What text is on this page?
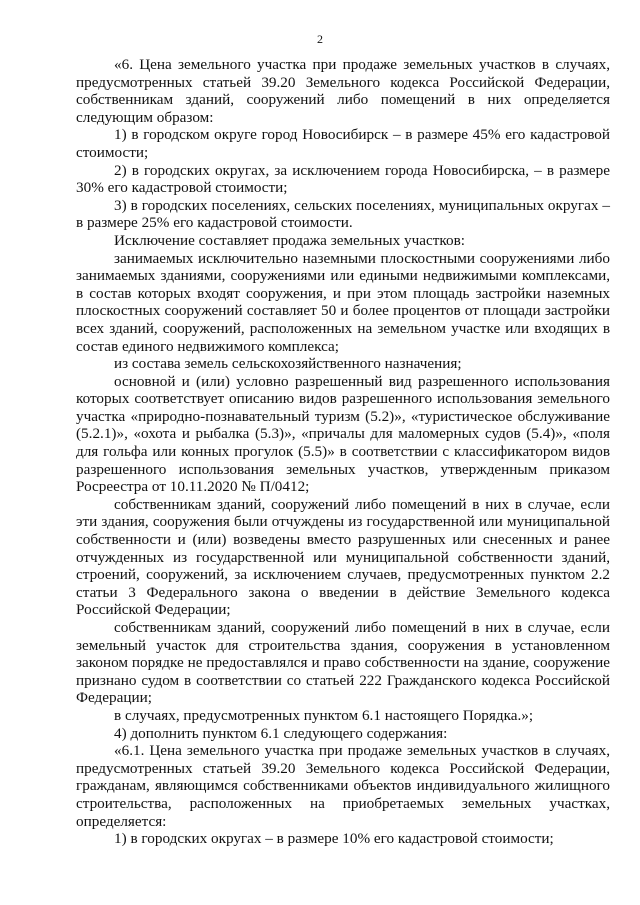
2

«6. Цена земельного участка при продаже земельных участков в случаях, предусмотренных статьей 39.20 Земельного кодекса Российской Федерации, собственникам зданий, сооружений либо помещений в них определяется следующим образом:

1) в городском округе город Новосибирск – в размере 45% его кадастровой стоимости;

2) в городских округах, за исключением города Новосибирска, – в размере 30% его кадастровой стоимости;

3) в городских поселениях, сельских поселениях, муниципальных округах – в размере 25% его кадастровой стоимости.

Исключение составляет продажа земельных участков:

занимаемых исключительно наземными плоскостными сооружениями либо занимаемых зданиями, сооружениями или едиными недвижимыми комплексами, в состав которых входят сооружения, и при этом площадь застройки наземных плоскостных сооружений составляет 50 и более процентов от площади застройки всех зданий, сооружений, расположенных на земельном участке или входящих в состав единого недвижимого комплекса;

из состава земель сельскохозяйственного назначения;

основной и (или) условно разрешенный вид разрешенного использования которых соответствует описанию видов разрешенного использования земельного участка «природно-познавательный туризм (5.2)», «туристическое обслуживание (5.2.1)», «охота и рыбалка (5.3)», «причалы для маломерных судов (5.4)», «поля для гольфа или конных прогулок (5.5)» в соответствии с классификатором видов разрешенного использования земельных участков, утвержденным приказом Росреестра от 10.11.2020 № П/0412;

собственникам зданий, сооружений либо помещений в них в случае, если эти здания, сооружения были отчуждены из государственной или муниципальной собственности и (или) возведены вместо разрушенных или снесенных и ранее отчужденных из государственной или муниципальной собственности зданий, строений, сооружений, за исключением случаев, предусмотренных пунктом 2.2 статьи 3 Федерального закона о введении в действие Земельного кодекса Российской Федерации;

собственникам зданий, сооружений либо помещений в них в случае, если земельный участок для строительства здания, сооружения в установленном законом порядке не предоставлялся и право собственности на здание, сооружение признано судом в соответствии со статьей 222 Гражданского кодекса Российской Федерации;

в случаях, предусмотренных пунктом 6.1 настоящего Порядка.»;

4) дополнить пунктом 6.1 следующего содержания:

«6.1. Цена земельного участка при продаже земельных участков в случаях, предусмотренных статьей 39.20 Земельного кодекса Российской Федерации, гражданам, являющимся собственниками объектов индивидуального жилищного строительства, расположенных на приобретаемых земельных участках, определяется:

1) в городских округах – в размере 10% его кадастровой стоимости;
